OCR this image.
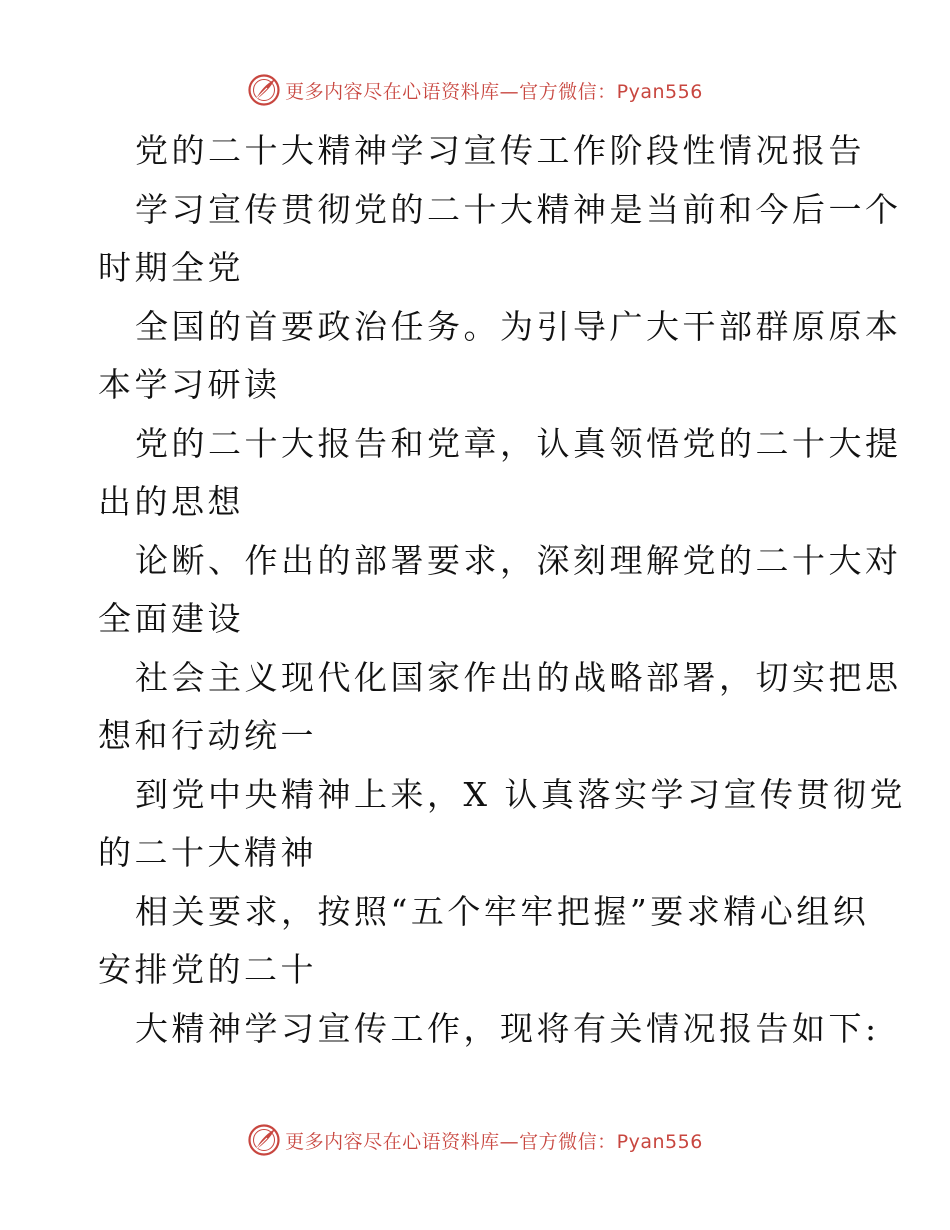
更多内容尽在心语资料库—官方微信：Pyan556
党的二十大精神学习宣传工作阶段性情况报告
学习宣传贯彻党的二十大精神是当前和今后一个
时期全党
全国的首要政治任务。为引导广大干部群原原本
本学习研读
党的二十大报告和党章，认真领悟党的二十大提
出的思想
论断、作出的部署要求，深刻理解党的二十大对
全面建设
社会主义现代化国家作出的战略部署，切实把思
想和行动统一
到党中央精神上来，X 认真落实学习宣传贯彻党
的二十大精神
相关要求，按照“五个牢牢把握”要求精心组织
安排党的二十
大精神学习宣传工作，现将有关情况报告如下:
更多内容尽在心语资料库—官方微信：Pyan556
